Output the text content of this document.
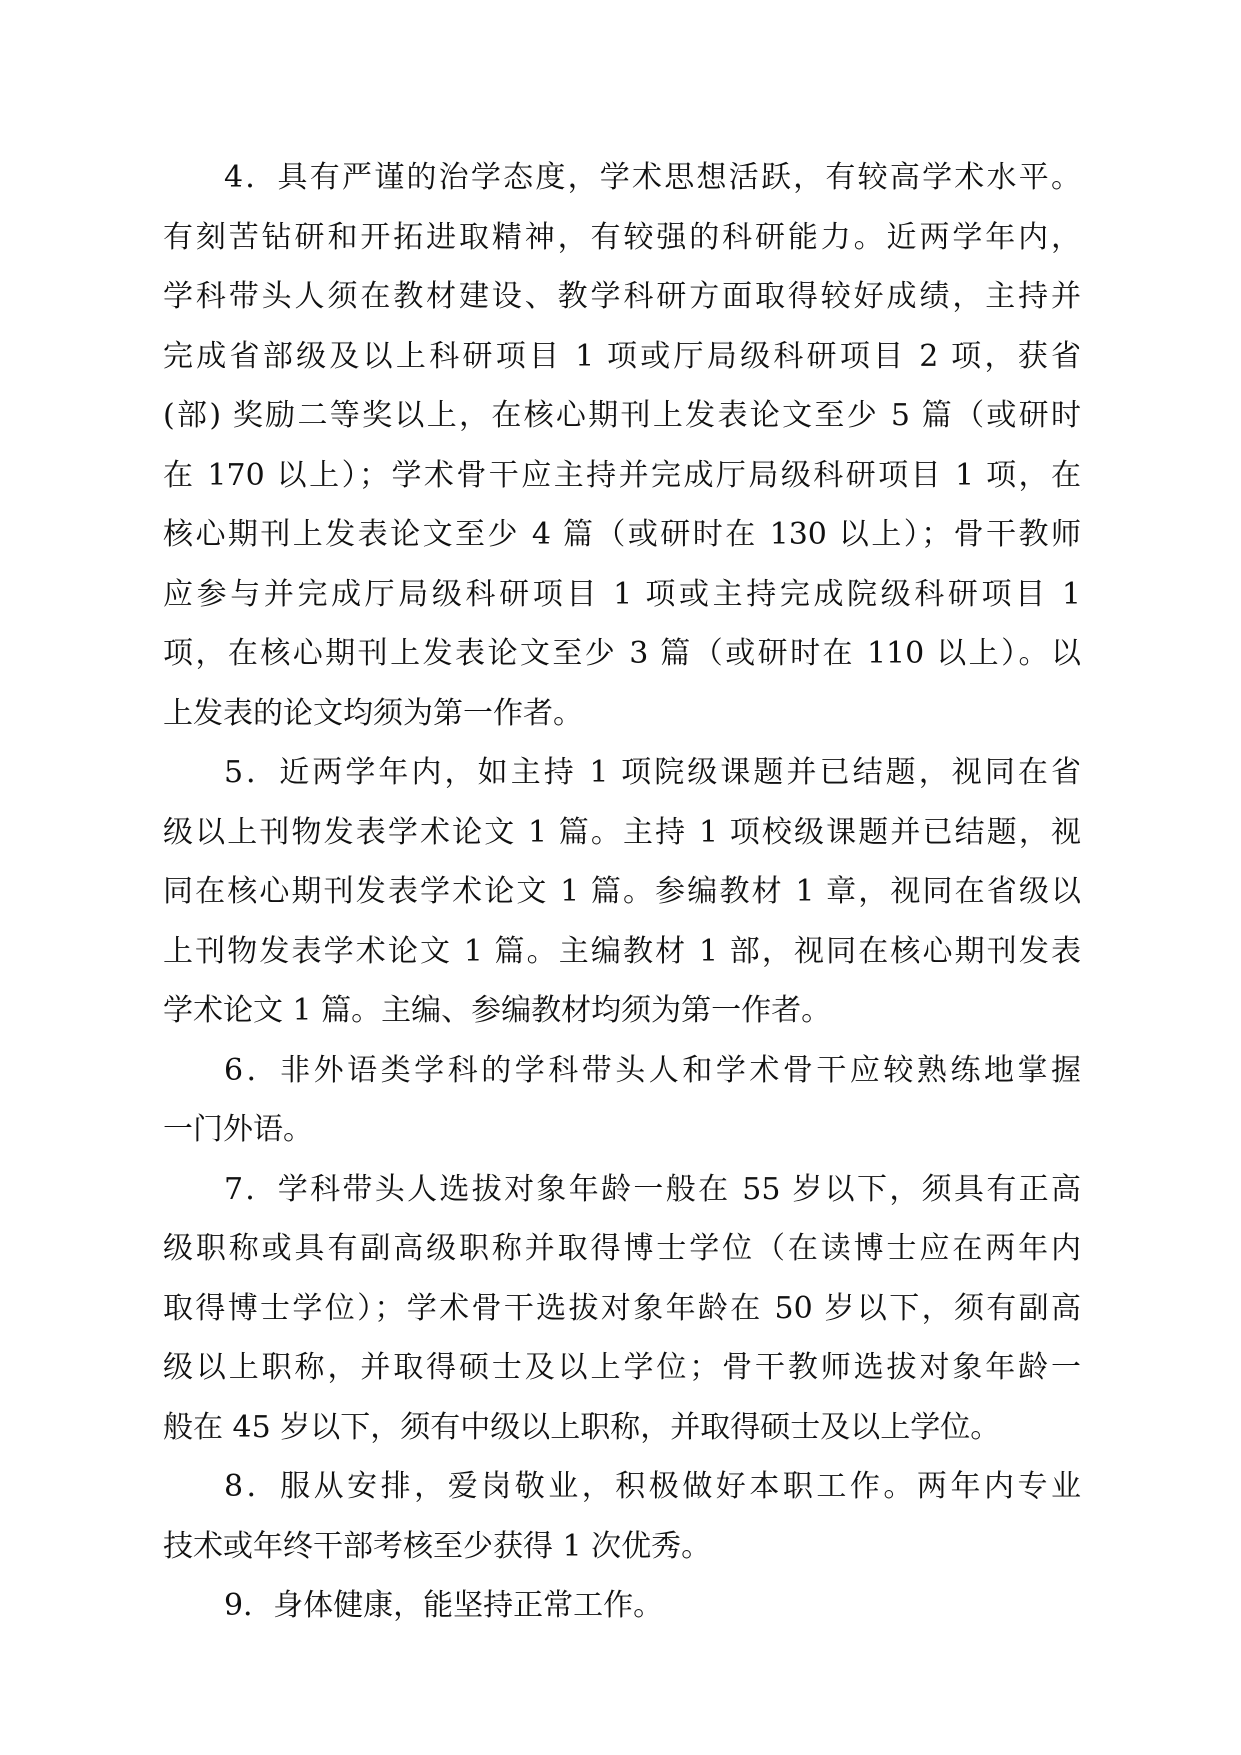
4．具有严谨的治学态度，学术思想活跃，有较高学术水平。
有刻苦钻研和开拓进取精神，有较强的科研能力。近两学年内，
学科带头人须在教材建设、教学科研方面取得较好成绩，主持并
完成省部级及以上科研项目 1 项或厅局级科研项目 2 项，获省
(部) 奖励二等奖以上，在核心期刊上发表论文至少 5 篇（或研时
在 170 以上）；学术骨干应主持并完成厅局级科研项目 1 项，在
核心期刊上发表论文至少 4 篇（或研时在 130 以上）；骨干教师
应参与并完成厅局级科研项目 1 项或主持完成院级科研项目 1
项，在核心期刊上发表论文至少 3 篇（或研时在 110 以上）。以
上发表的论文均须为第一作者。
5．近两学年内，如主持 1 项院级课题并已结题，视同在省
级以上刊物发表学术论文 1 篇。主持 1 项校级课题并已结题，视
同在核心期刊发表学术论文 1 篇。参编教材 1 章，视同在省级以
上刊物发表学术论文 1 篇。主编教材 1 部，视同在核心期刊发表
学术论文 1 篇。主编、参编教材均须为第一作者。
6．非外语类学科的学科带头人和学术骨干应较熟练地掌握
一门外语。
7．学科带头人选拔对象年龄一般在 55 岁以下，须具有正高
级职称或具有副高级职称并取得博士学位（在读博士应在两年内
取得博士学位）；学术骨干选拔对象年龄在 50 岁以下，须有副高
级以上职称，并取得硕士及以上学位；骨干教师选拔对象年龄一
般在 45 岁以下，须有中级以上职称，并取得硕士及以上学位。
8．服从安排，爱岗敬业，积极做好本职工作。两年内专业
技术或年终干部考核至少获得 1 次优秀。
9．身体健康，能坚持正常工作。
